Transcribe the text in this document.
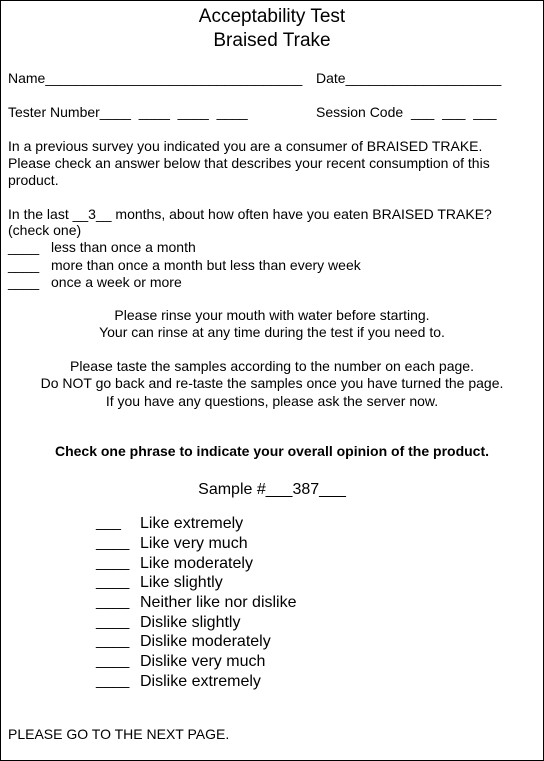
Acceptability Test
Braised Trake
Name_________________________________ Date____________________
Tester Number____  ____  ____  ____	Session Code  ___  ___  ___
In a previous survey you indicated you are a consumer of BRAISED TRAKE.
Please check an answer below that describes your recent consumption of this
product.
In the last __3__ months, about how often have you eaten BRAISED TRAKE?
(check one)
____ less than once a month
____ more than once a month but less than every week
____ once a week or more
Please rinse your mouth with water before starting.
Your can rinse at any time during the test if you need to.
Please taste the samples according to the number on each page.
Do NOT go back and re-taste the samples once you have turned the page.
If you have any questions, please ask the server now.
Check one phrase to indicate your overall opinion of the product.
Sample #___387___
___ Like extremely
____ Like very much
____ Like moderately
____ Like slightly
____ Neither like nor dislike
____ Dislike slightly
____ Dislike moderately
____ Dislike very much
____ Dislike extremely
PLEASE GO TO THE NEXT PAGE.
